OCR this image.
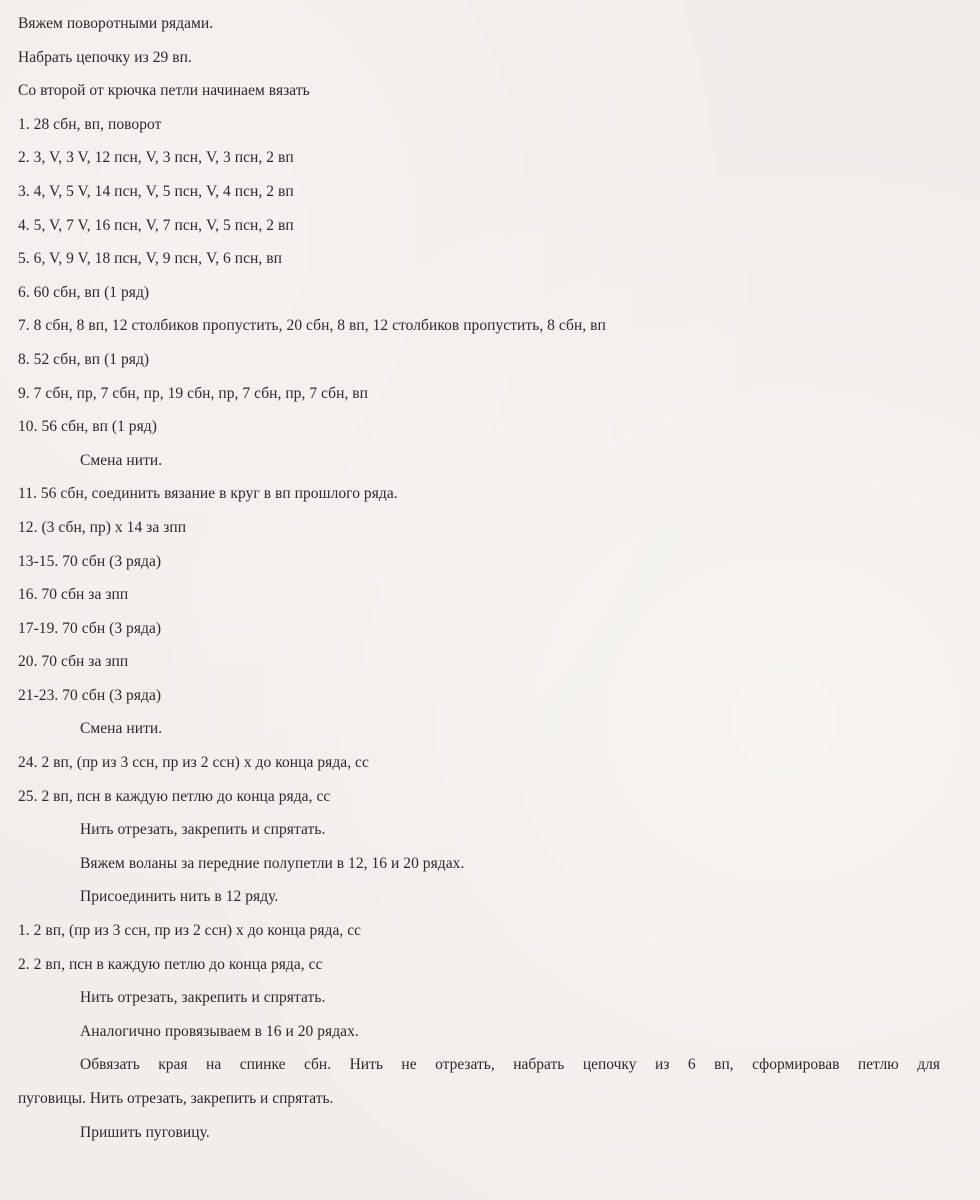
Вяжем поворотными рядами.
Набрать цепочку из 29 вп.
Со второй от крючка петли начинаем вязать
1. 28 сбн, вп, поворот
2. 3, V, 3 V, 12 псн, V, 3 псн, V, 3 псн, 2 вп
3. 4, V, 5 V, 14 псн, V, 5 псн, V, 4 псн, 2 вп
4. 5, V, 7 V, 16 псн, V, 7 псн, V, 5 псн, 2 вп
5. 6, V, 9 V, 18 псн, V, 9 псн, V, 6 псн, вп
6. 60 сбн, вп (1 ряд)
7. 8 сбн, 8 вп, 12 столбиков пропустить, 20 сбн, 8 вп, 12 столбиков пропустить, 8 сбн, вп
8. 52 сбн, вп (1 ряд)
9. 7 сбн, пр, 7 сбн, пр, 19 сбн, пр, 7 сбн, пр, 7 сбн, вп
10. 56 сбн, вп (1 ряд)
Смена нити.
11. 56 сбн, соединить вязание в круг в вп прошлого ряда.
12. (3 сбн, пр) х 14 за зпп
13-15. 70 сбн (3 ряда)
16. 70 сбн за зпп
17-19. 70 сбн (3 ряда)
20. 70 сбн за зпп
21-23. 70 сбн (3 ряда)
Смена нити.
24. 2 вп, (пр из 3 ссн, пр из 2 ссн) х до конца ряда, сс
25. 2 вп, псн в каждую петлю до конца ряда, сс
Нить отрезать, закрепить и спрятать.
Вяжем воланы за передние полупетли в 12, 16 и 20 рядах.
Присоединить нить в 12 ряду.
1. 2 вп, (пр из 3 ссн, пр из 2 ссн) х до конца ряда, сс
2. 2 вп, псн в каждую петлю до конца ряда, сс
Нить отрезать, закрепить и спрятать.
Аналогично провязываем в 16 и 20 рядах.

Обвязать края на спинке сбн. Нить не отрезать, набрать цепочку из 6 вп, сформировав петлю для
пуговицы. Нить отрезать, закрепить и спрятать.

Пришить пуговицу.
